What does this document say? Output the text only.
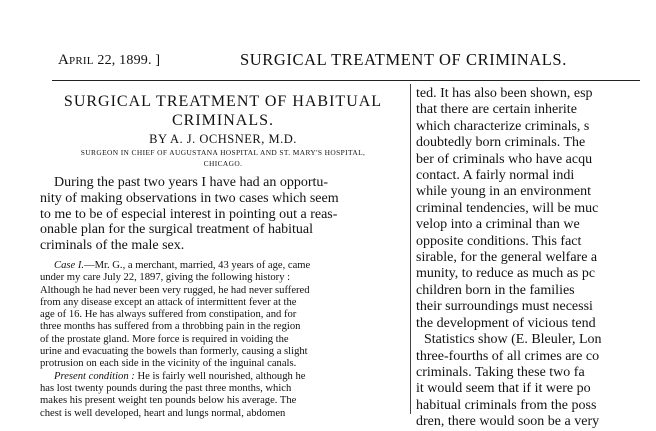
April 22, 1899. ]	SURGICAL TREATMENT OF CRIMINALS.
SURGICAL TREATMENT OF HABITUAL
CRIMINALS.
BY A. J. OCHSNER, M.D.
SURGEON IN CHIEF OF AUGUSTANA HOSPITAL AND ST. MARY'S HOSPITAL,
CHICAGO.
During the past two years I have had an opportu-
nity of making observations in two cases which seem
to me to be of especial interest in pointing out a reas-
onable plan for the surgical treatment of habitual
criminals of the male sex.
Case I.—Mr. G., a merchant, married, 43 years of age, came
under my care July 22, 1897, giving the following history :
Although he had never been very rugged, he had never suffered
from any disease except an attack of intermittent fever at the
age of 16. He has always suffered from constipation, and for
three months has suffered from a throbbing pain in the region
of the prostate gland. More force is required in voiding the
urine and evacuating the bowels than formerly, causing a slight
protrusion on each side in the vicinity of the inguinal canals.
Present condition : He is fairly well nourished, although he
has lost twenty pounds during the past three months, which
makes his present weight ten pounds below his average. The
chest is well developed, heart and lungs normal, abdomen
ted. It has also been shown, esp
that there are certain inherite
which characterize criminals, s
doubtedly born criminals. The
ber of criminals who have acqu
contact. A fairly normal indi
while young in an environment
criminal tendencies, will be muc
velop into a criminal than we
opposite conditions. This fact
sirable, for the general welfare a
munity, to reduce as much as pc
children born in the families
their surroundings must necessi
the development of vicious tend
Statistics show (E. Bleuler, Lon
three-fourths of all crimes are co
criminals. Taking these two fa
it would seem that if it were po
habitual criminals from the poss
dren, there would soon be a very
